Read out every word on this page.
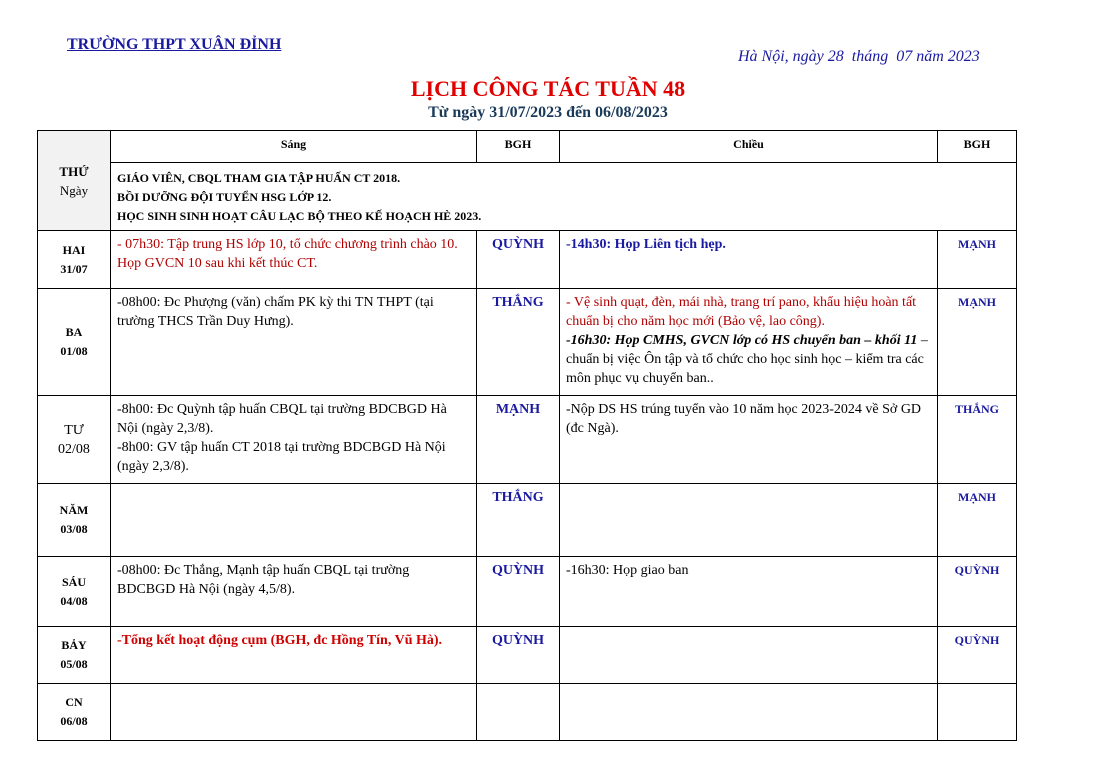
TRƯỜNG THPT XUÂN ĐỈNH
Hà Nội, ngày 28  tháng  07 năm 2023
LỊCH CÔNG TÁC TUẦN 48
Từ ngày 31/07/2023 đến 06/08/2023
THỨ
Ngày	Sáng	BGH	Chiều	BGH

	GIÁO VIÊN, CBQL THAM GIA TẬP HUẤN CT 2018.
BỒI DƯỠNG ĐỘI TUYỂN HSG LỚP 12.
HỌC SINH SINH HOẠT CÂU LẠC BỘ THEO KẾ HOẠCH HÈ 2023.			

HAI
31/07	- 07h30: Tập trung HS lớp 10, tổ chức chương trình chào 10. Họp GVCN 10 sau khi kết thúc CT.	QUỲNH	-14h30: Họp Liên tịch hẹp.	MẠNH

BA
01/08	-08h00: Đc Phượng (văn) chấm PK kỳ thi TN THPT (tại trường THCS Trần Duy Hưng).	THẮNG	- Vệ sinh quạt, đèn, mái nhà, trang trí pano, khẩu hiệu hoàn tất chuẩn bị cho năm học mới (Bảo vệ, lao công).
-16h30: Họp CMHS, GVCN lớp có HS chuyển ban – khối 11 – chuẩn bị việc Ôn tập và tổ chức cho học sinh học – kiểm tra các môn phục vụ chuyển ban..	MẠNH

TƯ
02/08	-8h00: Đc Quỳnh tập huấn CBQL tại trường BDCBGD Hà Nội (ngày 2,3/8).
-8h00: GV tập huấn CT 2018 tại trường BDCBGD Hà Nội (ngày 2,3/8).	MẠNH	-Nộp DS HS trúng tuyển vào 10 năm học 2023-2024 về Sở GD (đc Ngà).	THẮNG

NĂM
03/08		THẮNG		MẠNH

SÁU
04/08	-08h00: Đc Thắng, Mạnh tập huấn CBQL tại trường BDCBGD Hà Nội (ngày 4,5/8).	QUỲNH	-16h30: Họp giao ban	QUỲNH

BẢY
05/08	-Tổng kết hoạt động cụm (BGH, đc Hồng Tín, Vũ Hà).	QUỲNH		QUỲNH

CN
06/08				
